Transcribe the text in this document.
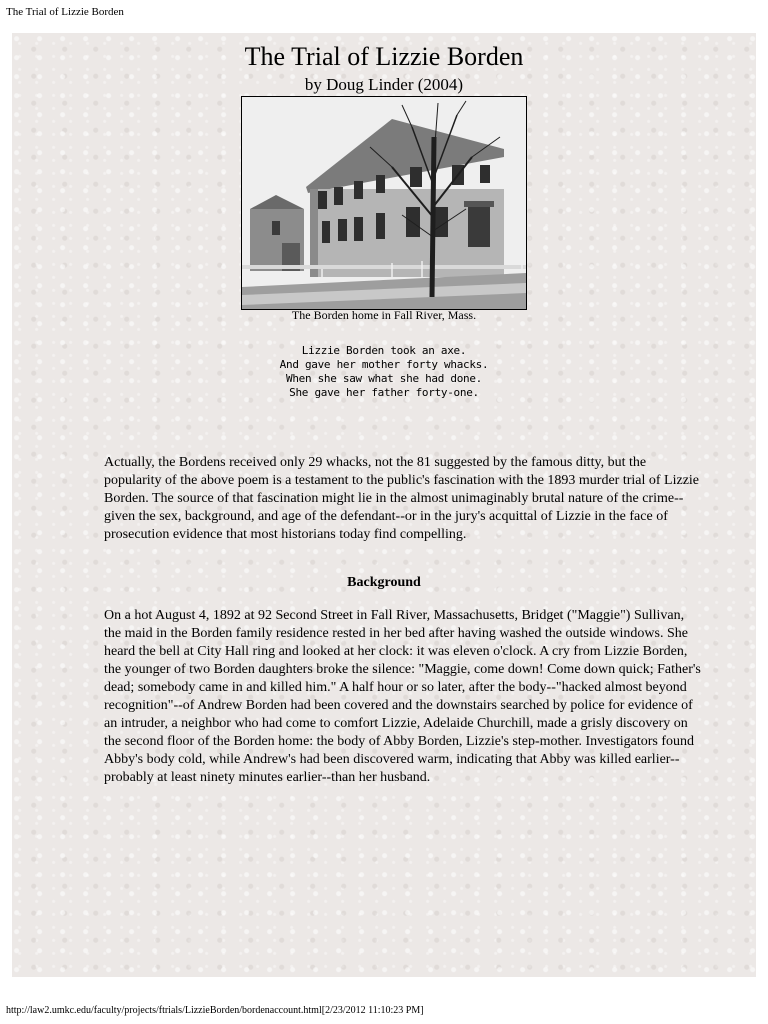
The Trial of Lizzie Borden
The Trial of Lizzie Borden
by Doug Linder (2004)
The Borden home in Fall River, Mass.
Lizzie Borden took an axe.
And gave her mother forty whacks.
When she saw what she had done.
She gave her father forty-one.

Actually, the Bordens received only 29 whacks, not the 81 suggested by the famous ditty, but the popularity of the above poem is a testament to the public's fascination with the 1893 murder trial of Lizzie Borden. The source of that fascination might lie in the almost unimaginably brutal nature of the crime--given the sex, background, and age of the defendant--or in the jury's acquittal of Lizzie in the face of prosecution evidence that most historians today find compelling.

Background

On a hot August 4, 1892 at 92 Second Street in Fall River, Massachusetts, Bridget ("Maggie") Sullivan, the maid in the Borden family residence rested in her bed after having washed the outside windows. She heard the bell at City Hall ring and looked at her clock: it was eleven o'clock. A cry from Lizzie Borden, the younger of two Borden daughters broke the silence: "Maggie, come down! Come down quick; Father's dead; somebody came in and killed him." A half hour or so later, after the body--"hacked almost beyond recognition"--of Andrew Borden had been covered and the downstairs searched by police for evidence of an intruder, a neighbor who had come to comfort Lizzie, Adelaide Churchill, made a grisly discovery on the second floor of the Borden home: the body of Abby Borden, Lizzie's step-mother. Investigators found Abby's body cold, while Andrew's had been discovered warm, indicating that Abby was killed earlier--probably at least ninety minutes earlier--than her husband.

http://law2.umkc.edu/faculty/projects/ftrials/LizzieBorden/bordenaccount.html[2/23/2012 11:10:23 PM]
